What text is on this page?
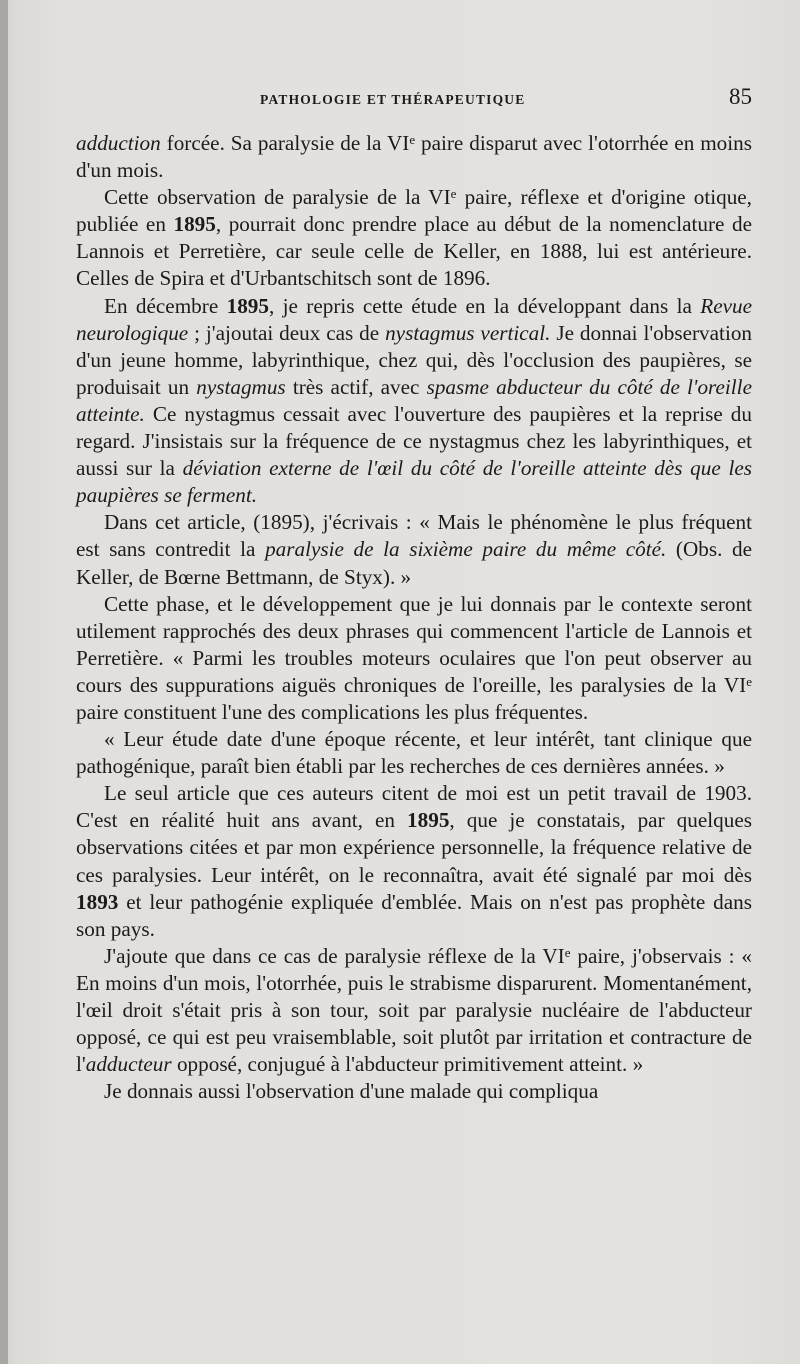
PATHOLOGIE ET THÉRAPEUTIQUE	85

adduction forcée. Sa paralysie de la VIe paire disparut avec l'otorrhée en moins d'un mois.

Cette observation de paralysie de la VIe paire, réflexe et d'origine otique, publiée en 1895, pourrait donc prendre place au début de la nomenclature de Lannois et Perretière, car seule celle de Keller, en 1888, lui est antérieure. Celles de Spira et d'Urbantschitsch sont de 1896.

En décembre 1895, je repris cette étude en la développant dans la Revue neurologique ; j'ajoutai deux cas de nystagmus vertical. Je donnai l'observation d'un jeune homme, labyrinthique, chez qui, dès l'occlusion des paupières, se produisait un nystagmus très actif, avec spasme abducteur du côté de l'oreille atteinte. Ce nystagmus cessait avec l'ouverture des paupières et la reprise du regard. J'insistais sur la fréquence de ce nystagmus chez les labyrinthiques, et aussi sur la déviation externe de l'œil du côté de l'oreille atteinte dès que les paupières se ferment.

Dans cet article, (1895), j'écrivais : « Mais le phénomène le plus fréquent est sans contredit la paralysie de la sixième paire du même côté. (Obs. de Keller, de Bœrne Bettmann, de Styx). »

Cette phase, et le développement que je lui donnais par le contexte seront utilement rapprochés des deux phrases qui commencent l'article de Lannois et Perretière. « Parmi les troubles moteurs oculaires que l'on peut observer au cours des suppurations aiguës chroniques de l'oreille, les paralysies de la VIe paire constituent l'une des complications les plus fréquentes.

« Leur étude date d'une époque récente, et leur intérêt, tant clinique que pathogénique, paraît bien établi par les recherches de ces dernières années. »

Le seul article que ces auteurs citent de moi est un petit travail de 1903. C'est en réalité huit ans avant, en 1895, que je constatais, par quelques observations citées et par mon expérience personnelle, la fréquence relative de ces paralysies. Leur intérêt, on le reconnaîtra, avait été signalé par moi dès 1893 et leur pathogénie expliquée d'emblée. Mais on n'est pas prophète dans son pays.

J'ajoute que dans ce cas de paralysie réflexe de la VIe paire, j'observais : « En moins d'un mois, l'otorrhée, puis le strabisme disparurent. Momentanément, l'œil droit s'était pris à son tour, soit par paralysie nucléaire de l'abducteur opposé, ce qui est peu vraisemblable, soit plutôt par irritation et contracture de l'adducteur opposé, conjugué à l'abducteur primitivement atteint. »

Je donnais aussi l'observation d'une malade qui compliqua
